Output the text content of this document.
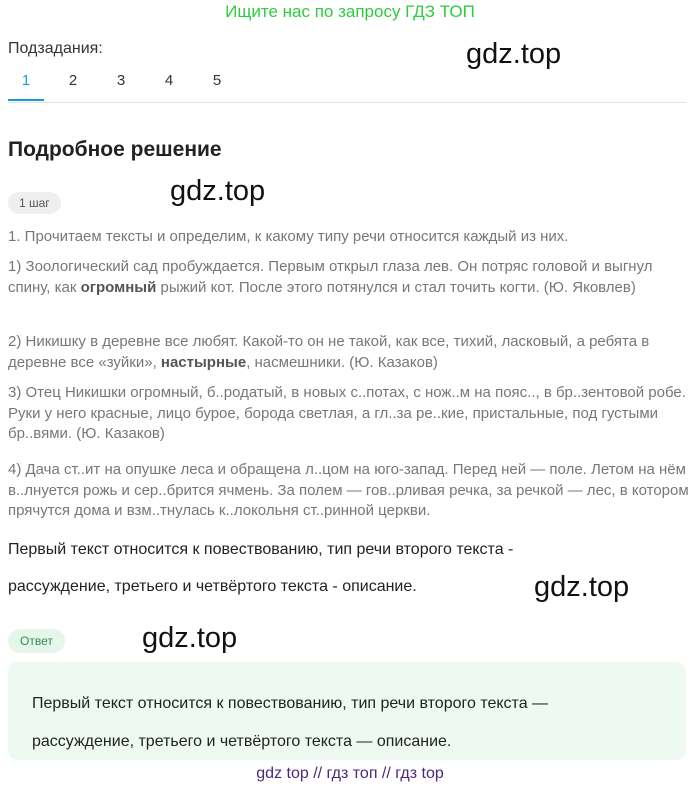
Ищите нас по запросу ГДЗ ТОП
gdz.top
gdz.top
gdz.top
gdz.top
Подзадания:
1	2	3	4	5
Подробное решение
1 шаг
1. Прочитаем тексты и определим, к какому типу речи относится каждый из них.
1) Зоологический сад пробуждается. Первым открыл глаза лев. Он потряс головой и выгнул спину, как огромный рыжий кот. После этого потянулся и стал точить когти. (Ю. Яковлев)
2) Никишку в деревне все любят. Какой-то он не такой, как все, тихий, ласковый, а ребята в деревне все «зуйки», настырные, насмешники. (Ю. Казаков)
3) Отец Никишки огромный, б..родатый, в новых с..потах, с нож..м на пояс.., в бр..зентовой робе. Руки у него красные, лицо бурое, борода светлая, а гл..за ре..кие, пристальные, под густыми бр..вями. (Ю. Казаков)
4) Дача ст..ит на опушке леса и обращена л..цом на юго-запад. Перед ней — поле. Летом на нём в..лнуется рожь и сер..брится ячмень. За полем — гов..рливая речка, за речкой — лес, в котором прячутся дома и взм..тнулась к..локольня ст..ринной церкви.
Первый текст относится к повествованию, тип речи второго текста -
рассуждение, третьего и четвёртого текста - описание.
Ответ
Первый текст относится к повествованию, тип речи второго текста —
рассуждение, третьего и четвёртого текста — описание.
gdz top // гдз топ // гдз top
